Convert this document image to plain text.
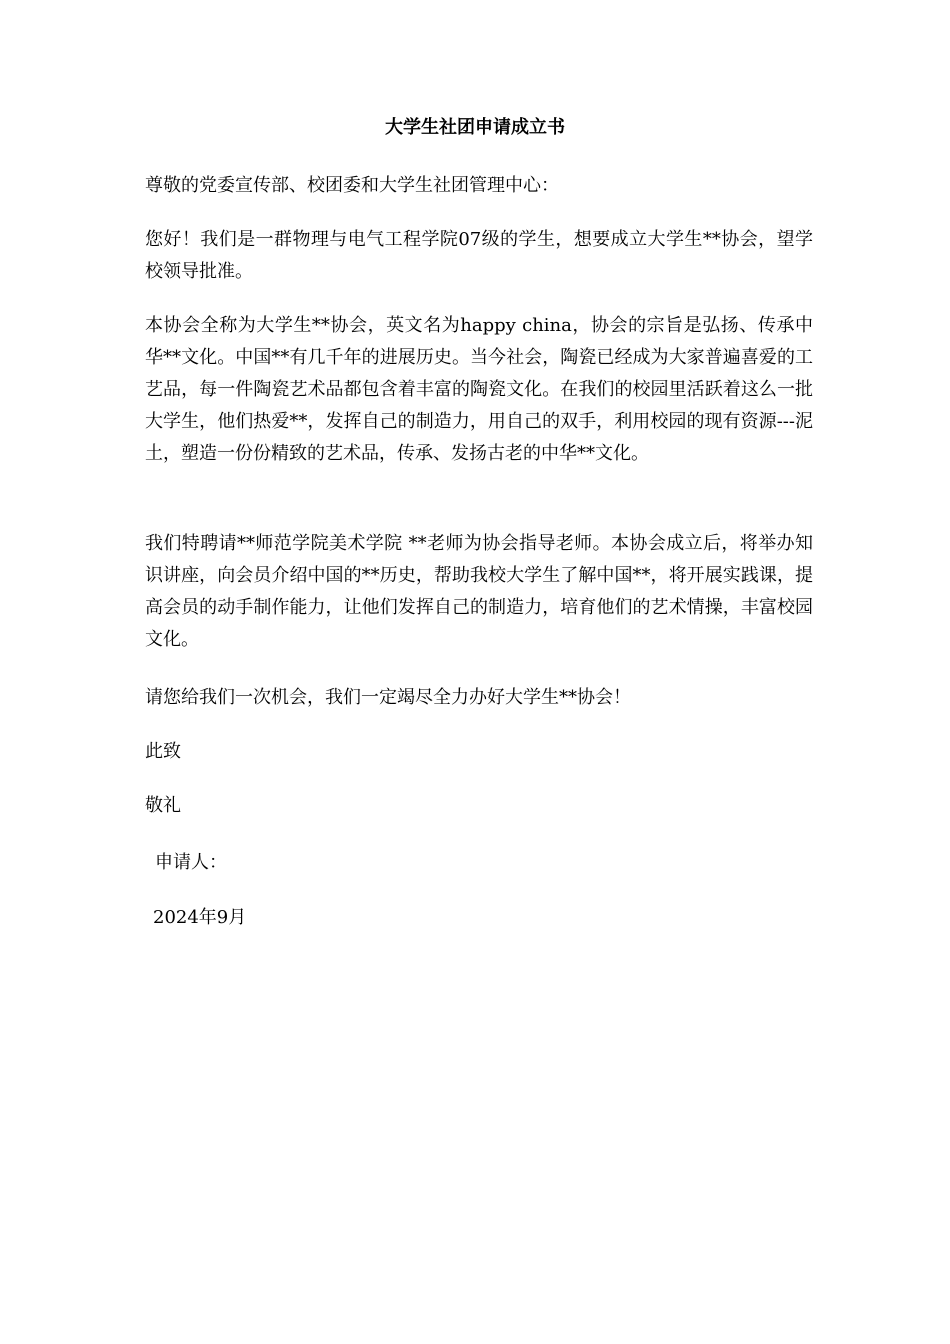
大学生社团申请成立书
尊敬的党委宣传部、校团委和大学生社团管理中心：
您好！我们是一群物理与电气工程学院07级的学生，想要成立大学生**协会，望学校领导批准。
本协会全称为大学生**协会，英文名为happy china，协会的宗旨是弘扬、传承中华**文化。中国**有几千年的进展历史。当今社会，陶瓷已经成为大家普遍喜爱的工艺品，每一件陶瓷艺术品都包含着丰富的陶瓷文化。在我们的校园里活跃着这么一批大学生，他们热爱**，发挥自己的制造力，用自己的双手，利用校园的现有资源---泥土，塑造一份份精致的艺术品，传承、发扬古老的中华**文化。
我们特聘请**师范学院美术学院 **老师为协会指导老师。本协会成立后，将举办知识讲座，向会员介绍中国的**历史，帮助我校大学生了解中国**，将开展实践课，提高会员的动手制作能力，让他们发挥自己的制造力，培育他们的艺术情操，丰富校园文化。
请您给我们一次机会，我们一定竭尽全力办好大学生**协会！
此致
敬礼
申请人：
2024年9月
